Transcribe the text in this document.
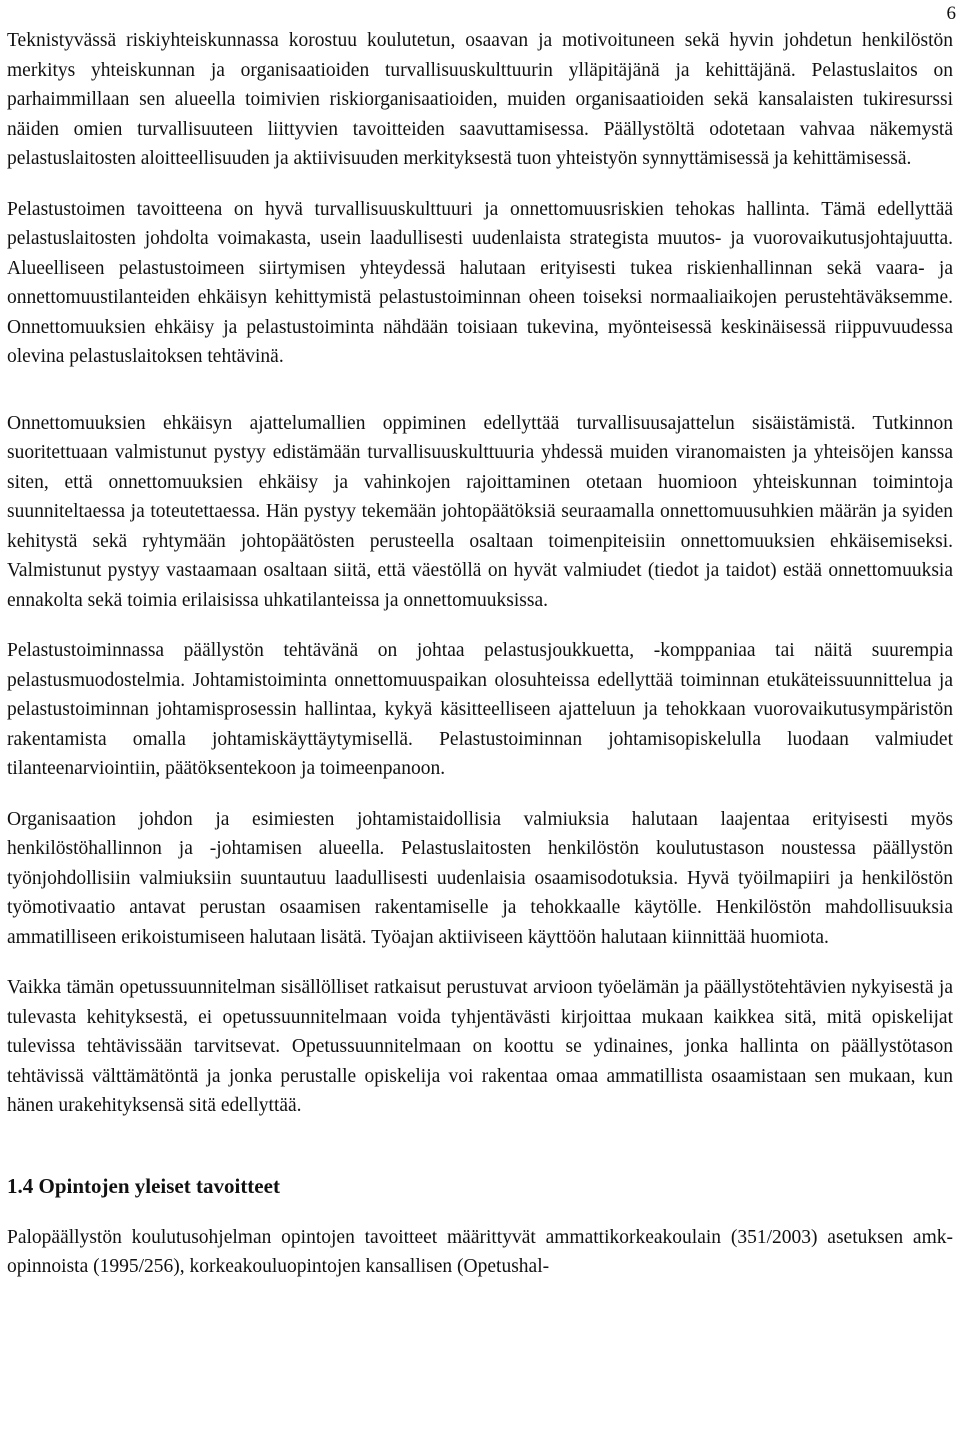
6

Teknistyvässä riskiyhteiskunnassa korostuu koulutetun, osaavan ja motivoituneen sekä hyvin johdetun henkilöstön merkitys yhteiskunnan ja organisaatioiden turvallisuuskulttuurin ylläpitäjänä ja kehittäjänä. Pelastuslaitos on parhaimmillaan sen alueella toimivien riskiorganisaatioiden, muiden organisaatioiden sekä kansalaisten tukiresurssi näiden omien turvallisuuteen liittyvien tavoitteiden saavuttamisessa. Päällystöltä odotetaan vahvaa näkemystä pelastuslaitosten aloitteellisuuden ja aktiivisuuden merkityksestä tuon yhteistyön synnyttämisessä ja kehittämisessä.

Pelastustoimen tavoitteena on hyvä turvallisuuskulttuuri ja onnettomuusriskien tehokas hallinta. Tämä edellyttää pelastuslaitosten johdolta voimakasta, usein laadullisesti uudenlaista strategista muutos- ja vuorovaikutusjohtajuutta. Alueelliseen pelastustoimeen siirtymisen yhteydessä halutaan erityisesti tukea riskienhallinnan sekä vaara- ja onnettomuustilanteiden ehkäisyn kehittymistä pelastustoiminnan oheen toiseksi normaaliaikojen perustehtäväksemme. Onnettomuuksien ehkäisy ja pelastustoiminta nähdään toisiaan tukevina, myönteisessä keskinäisessä riippuvuudessa olevina pelastuslaitoksen tehtävinä.

Onnettomuuksien ehkäisyn ajattelumallien oppiminen edellyttää turvallisuusajattelun sisäistämistä. Tutkinnon suoritettuaan valmistunut pystyy edistämään turvallisuuskulttuuria yhdessä muiden viranomaisten ja yhteisöjen kanssa siten, että onnettomuuksien ehkäisy ja vahinkojen rajoittaminen otetaan huomioon yhteiskunnan toimintoja suunniteltaessa ja toteutettaessa. Hän pystyy tekemään johtopäätöksiä seuraamalla onnettomuusuhkien määrän ja syiden kehitystä sekä ryhtymään johtopäätösten perusteella osaltaan toimenpiteisiin onnettomuuksien ehkäisemiseksi. Valmistunut pystyy vastaamaan osaltaan siitä, että väestöllä on hyvät valmiudet (tiedot ja taidot) estää onnettomuuksia ennakolta sekä toimia erilaisissa uhkatilanteissa ja onnettomuuksissa.

Pelastustoiminnassa päällystön tehtävänä on johtaa pelastusjoukkuetta, -komppaniaa tai näitä suurempia pelastusmuodostelmia. Johtamistoiminta onnettomuuspaikan olosuhteissa edellyttää toiminnan etukäteissuunnittelua ja pelastustoiminnan johtamisprosessin hallintaa, kykyä käsitteelliseen ajatteluun ja tehokkaan vuorovaikutusympäristön rakentamista omalla johtamiskäyttäytymisellä. Pelastustoiminnan johtamisopiskelulla luodaan valmiudet tilanteenarviointiin, päätöksentekoon ja toimeenpanoon.

Organisaation johdon ja esimiesten johtamistaidollisia valmiuksia halutaan laajentaa erityisesti myös henkilöstöhallinnon ja -johtamisen alueella. Pelastuslaitosten henkilöstön koulutustason noustessa päällystön työnjohdollisiin valmiuksiin suuntautuu laadullisesti uudenlaisia osaamisodotuksia. Hyvä työilmapiiri ja henkilöstön työmotivaatio antavat perustan osaamisen rakentamiselle ja tehokkaalle käytölle. Henkilöstön mahdollisuuksia ammatilliseen erikoistumiseen halutaan lisätä. Työajan aktiiviseen käyttöön halutaan kiinnittää huomiota.

Vaikka tämän opetussuunnitelman sisällölliset ratkaisut perustuvat arvioon työelämän ja päällystötehtävien nykyisestä ja tulevasta kehityksestä, ei opetussuunnitelmaan voida tyhjentävästi kirjoittaa mukaan kaikkea sitä, mitä opiskelijat tulevissa tehtävissään tarvitsevat. Opetussuunnitelmaan on koottu se ydinaines, jonka hallinta on päällystötason tehtävissä välttämätöntä ja jonka perustalle opiskelija voi rakentaa omaa ammatillista osaamistaan sen mukaan, kun hänen urakehityksensä sitä edellyttää.

1.4 Opintojen yleiset tavoitteet

Palopäällystön koulutusohjelman opintojen tavoitteet määrittyvät ammattikorkeakoulain (351/2003) asetuksen amk-opinnoista (1995/256), korkeakouluopintojen kansallisen (Opetushal-
